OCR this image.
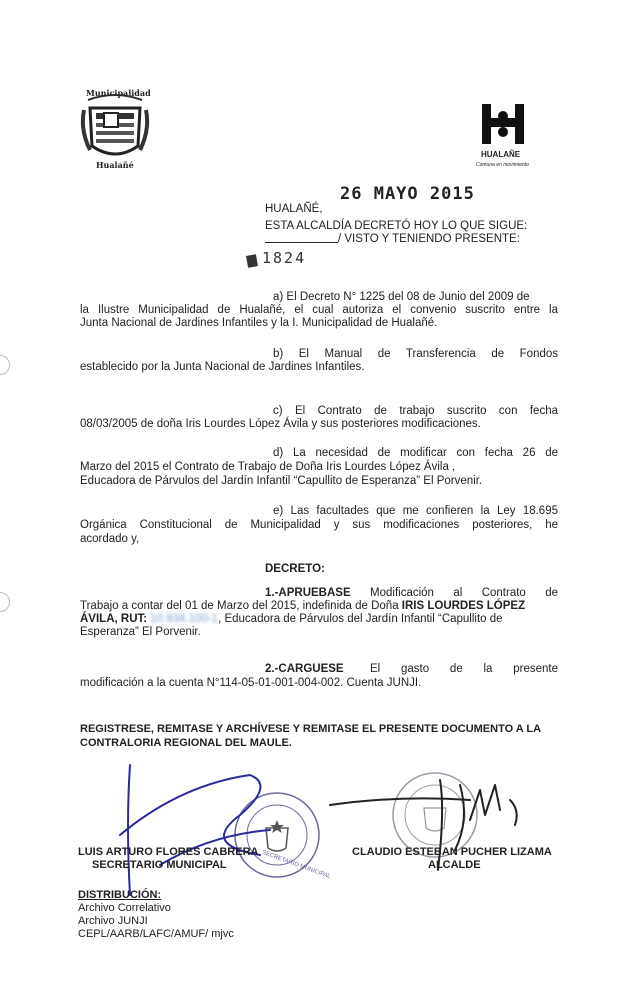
Municipalidad
Hualañé
HUALAÑE
Comuna en movimiento
26 MAYO 2015
HUALAÑÉ,
ESTA ALCALDÍA DECRETÓ HOY LO QUE SIGUE:
/ VISTO Y TENIENDO PRESENTE:
1824
a) El Decreto N° 1225 del 08 de Junio del 2009 de
la Ilustre Municipalidad de Hualañé, el cual autoriza el convenio suscrito entre la
Junta Nacional de Jardines Infantiles y la I. Municipalidad de Hualañé.
b) El Manual de Transferencia de Fondos
establecido por la Junta Nacional de Jardines Infantiles.
c) El Contrato de trabajo suscrito con fecha
08/03/2005 de doña Iris Lourdes López Ávila y sus posteriores modificaciones.
d) La necesidad de modificar con fecha 26 de
Marzo del 2015 el Contrato de Trabajo de Doña Iris Lourdes López Ávila ,
Educadora de Párvulos del Jardín Infantil “Capullito de Esperanza” El Porvenir.
e) Las facultades que me confieren la Ley 18.695
Orgánica Constitucional de Municipalidad y sus modificaciones posteriores, he
acordado y,
DECRETO:
1.-APRUEBASE Modificación al Contrato de
Trabajo a contar del 01 de Marzo del 2015, indefinida de Doña IRIS LOURDES LÓPEZ
ÁVILA, RUT: 10.934.100-1, Educadora de Párvulos del Jardín Infantil “Capullito de
Esperanza” El Porvenir.
2.-CARGUESE El gasto de la presente
modificación a la cuenta N°114-05-01-001-004-002. Cuenta JUNJI.
REGISTRESE, REMITASE Y ARCHÍVESE Y REMITASE EL PRESENTE DOCUMENTO A LA
CONTRALORIA REGIONAL DEL MAULE.
SECRETARIO MUNICIPAL
LUIS ARTURO FLORES CABRERA
SECRETARIO MUNICIPAL
CLAUDIO ESTEBAN PUCHER LIZAMA
ALCALDE
DISTRIBUCIÓN:
Archivo Correlativo
Archivo JUNJI
CEPL/AARB/LAFC/AMUF/ mjvc
